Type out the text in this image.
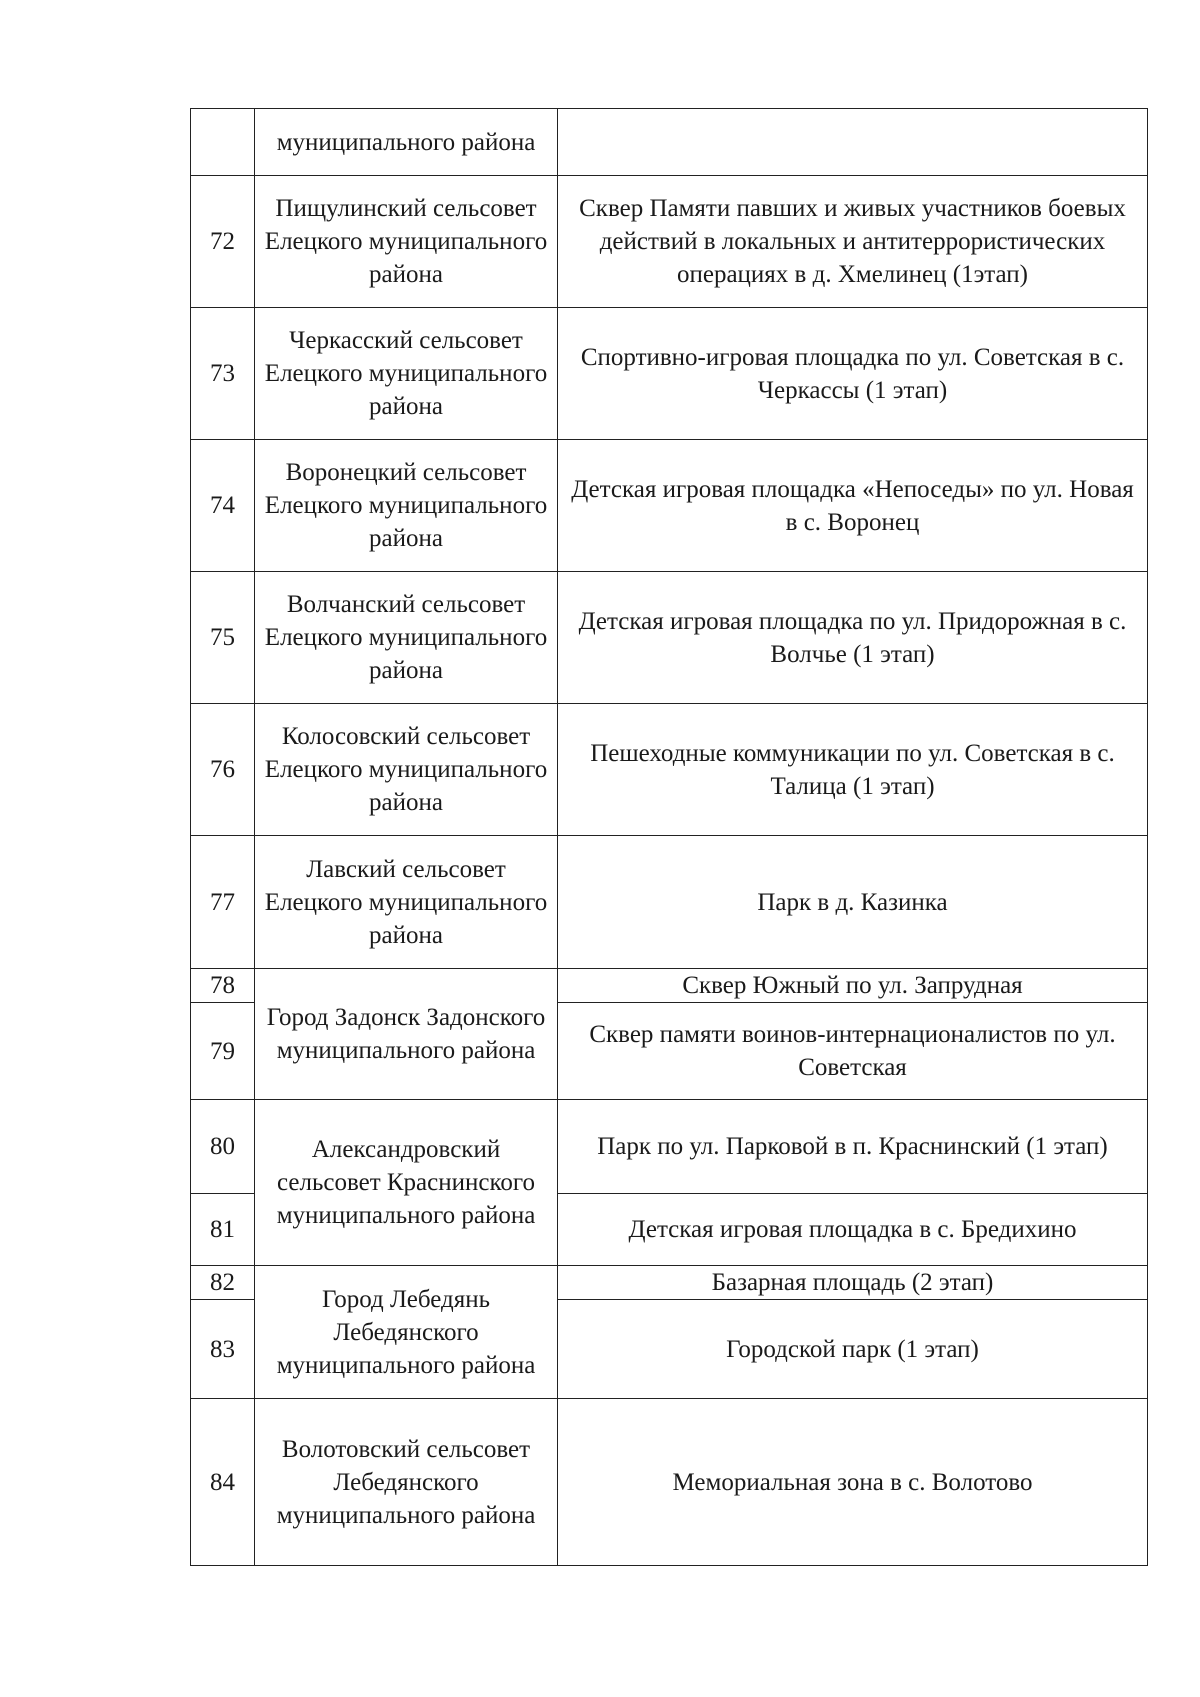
	муниципального района	
72	Пищулинский сельсовет Елецкого муниципального района	Сквер Памяти павших и живых участников боевых действий в локальных и антитеррористических операциях в д. Хмелинец (1этап)
73	Черкасский сельсовет Елецкого муниципального района	Спортивно-игровая площадка по ул. Советская в с. Черкассы (1 этап)
74	Воронецкий сельсовет Елецкого муниципального района	Детская игровая площадка «Непоседы» по ул. Новая в с. Воронец
75	Волчанский сельсовет Елецкого муниципального района	Детская игровая площадка по ул. Придорожная в с. Волчье (1 этап)
76	Колосовский сельсовет Елецкого муниципального района	Пешеходные коммуникации по ул. Советская в с. Талица (1 этап)
77	Лавский сельсовет Елецкого муниципального района	Парк в д. Казинка
78	Город Задонск Задонского муниципального района	Сквер Южный по ул. Запрудная
79		Сквер памяти воинов-интернационалистов по ул. Советская
80	Александровский сельсовет Краснинского муниципального района	Парк по ул. Парковой в п. Краснинский (1 этап)
81		Детская игровая площадка в с. Бредихино
82	Город Лебедянь Лебедянского муниципального района	Базарная площадь (2 этап)
83		Городской парк (1 этап)
84	Волотовский сельсовет Лебедянского муниципального района	Мемориальная зона в с. Волотово
